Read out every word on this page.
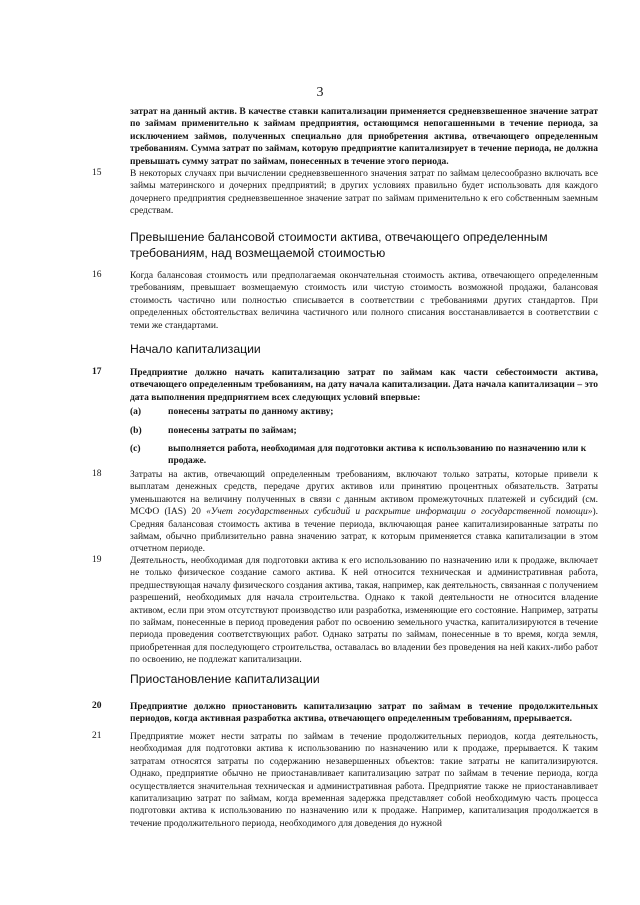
3
затрат на данный актив. В качестве ставки капитализации применяется средневзвешенное значение затрат по займам применительно к займам предприятия, остающимся непогашенными в течение периода, за исключением займов, полученных специально для приобретения актива, отвечающего определенным требованиям. Сумма затрат по займам, которую предприятие капитализирует в течение периода, не должна превышать сумму затрат по займам, понесенных в течение этого периода.
15	В некоторых случаях при вычислении средневзвешенного значения затрат по займам целесообразно включать все займы материнского и дочерних предприятий; в других условиях правильно будет использовать для каждого дочернего предприятия средневзвешенное значение затрат по займам применительно к его собственным заемным средствам.
Превышение балансовой стоимости актива, отвечающего определенным требованиям, над возмещаемой стоимостью
16	Когда балансовая стоимость или предполагаемая окончательная стоимость актива, отвечающего определенным требованиям, превышает возмещаемую стоимость или чистую стоимость возможной продажи, балансовая стоимость частично или полностью списывается в соответствии с требованиями других стандартов. При определенных обстоятельствах величина частичного или полного списания восстанавливается в соответствии с теми же стандартами.
Начало капитализации
17	Предприятие должно начать капитализацию затрат по займам как части себестоимости актива, отвечающего определенным требованиям, на дату начала капитализации. Дата начала капитализации – это дата выполнения предприятием всех следующих условий впервые:
(a)	понесены затраты по данному активу;
(b)	понесены затраты по займам;
(c)	выполняется работа, необходимая для подготовки актива к использованию по назначению или к продаже.
18	Затраты на актив, отвечающий определенным требованиям, включают только затраты, которые привели к выплатам денежных средств, передаче других активов или принятию процентных обязательств. Затраты уменьшаются на величину полученных в связи с данным активом промежуточных платежей и субсидий (см. МСФО (IAS) 20 «Учет государственных субсидий и раскрытие информации о государственной помощи»). Средняя балансовая стоимость актива в течение периода, включающая ранее капитализированные затраты по займам, обычно приблизительно равна значению затрат, к которым применяется ставка капитализации в этом отчетном периоде.
19	Деятельность, необходимая для подготовки актива к его использованию по назначению или к продаже, включает не только физическое создание самого актива. К ней относится техническая и административная работа, предшествующая началу физического создания актива, такая, например, как деятельность, связанная с получением разрешений, необходимых для начала строительства. Однако к такой деятельности не относится владение активом, если при этом отсутствуют производство или разработка, изменяющие его состояние. Например, затраты по займам, понесенные в период проведения работ по освоению земельного участка, капитализируются в течение периода проведения соответствующих работ. Однако затраты по займам, понесенные в то время, когда земля, приобретенная для последующего строительства, оставалась во владении без проведения на ней каких-либо работ по освоению, не подлежат капитализации.
Приостановление капитализации
20	Предприятие должно приостановить капитализацию затрат по займам в течение продолжительных периодов, когда активная разработка актива, отвечающего определенным требованиям, прерывается.
21	Предприятие может нести затраты по займам в течение продолжительных периодов, когда деятельность, необходимая для подготовки актива к использованию по назначению или к продаже, прерывается. К таким затратам относятся затраты по содержанию незавершенных объектов: такие затраты не капитализируются. Однако, предприятие обычно не приостанавливает капитализацию затрат по займам в течение периода, когда осуществляется значительная техническая и административная работа. Предприятие также не приостанавливает капитализацию затрат по займам, когда временная задержка представляет собой необходимую часть процесса подготовки актива к использованию по назначению или к продаже. Например, капитализация продолжается в течение продолжительного периода, необходимого для доведения до нужной
